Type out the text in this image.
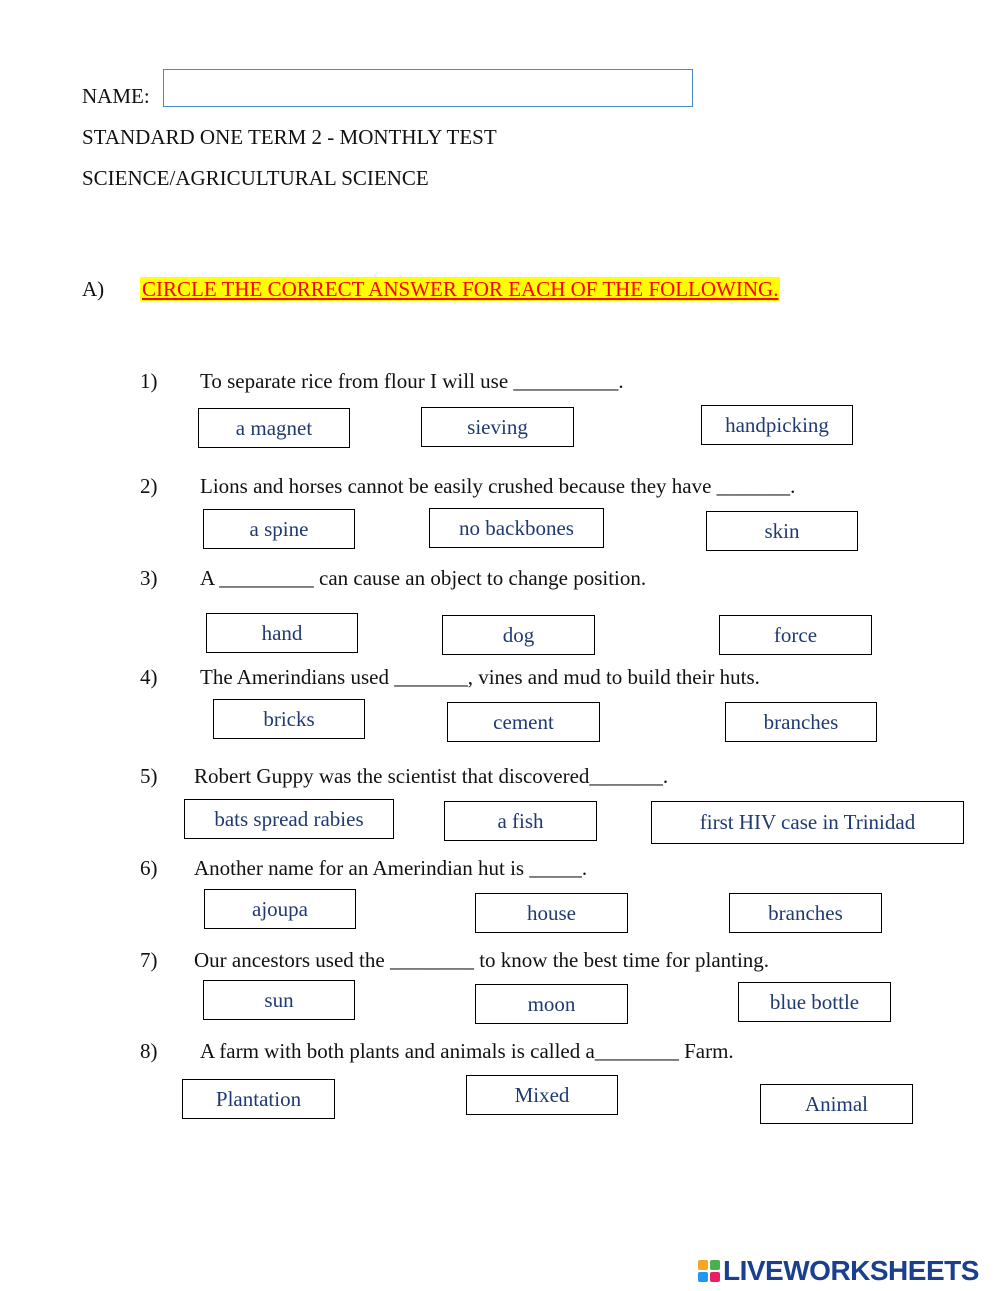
NAME:
STANDARD ONE TERM 2 - MONTHLY TEST
SCIENCE/AGRICULTURAL SCIENCE
A) CIRCLE THE CORRECT ANSWER FOR EACH OF THE FOLLOWING.
1) To separate rice from flour I will use __________.
a magnet	sieving	handpicking
2) Lions and horses cannot be easily crushed because they have _______.
a spine	no backbones	skin
3) A _________ can cause an object to change position.
hand	dog	force
4) The Amerindians used _______, vines and mud to build their huts.
bricks	cement	branches
5) Robert Guppy was the scientist that discovered_______.
bats spread rabies	a fish	first HIV case in Trinidad
6) Another name for an Amerindian hut is _____.
ajoupa	house	branches
7) Our ancestors used the ________ to know the best time for planting.
sun	moon	blue bottle
8) A farm with both plants and animals is called a________ Farm.
Plantation	Mixed	Animal
LIVEWORKSHEETS
